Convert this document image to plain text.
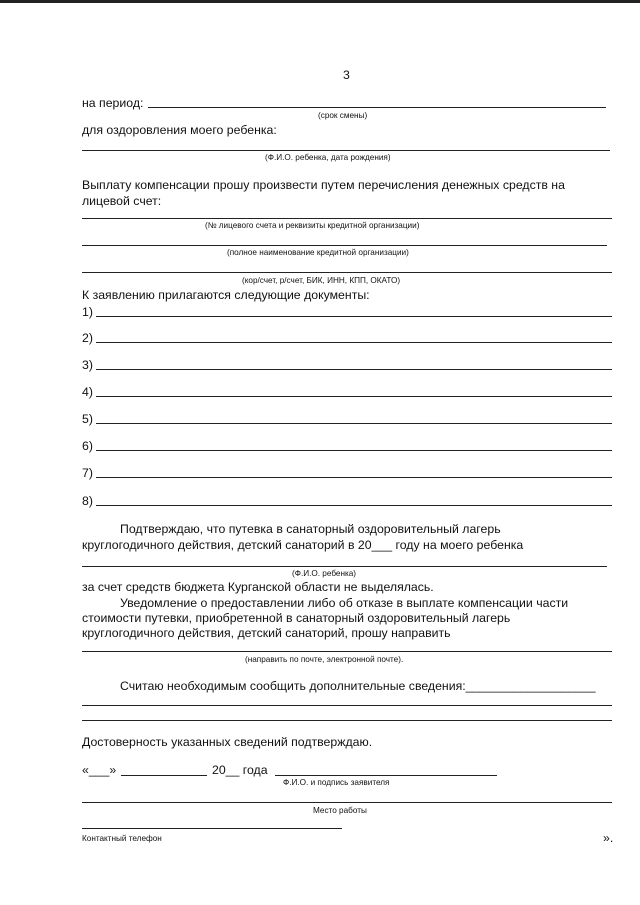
3
на период:
(срок смены)
для оздоровления моего ребенка:
(Ф.И.О. ребенка, дата рождения)
Выплату компенсации прошу произвести путем перечисления денежных средств на
лицевой счет:
(№ лицевого счета и реквизиты кредитной организации)
(полное наименование кредитной организации)
(кор/счет, р/счет, БИК, ИНН, КПП, ОКАТО)
К заявлению прилагаются следующие документы:
1)
2)
3)
4)
5)
6)
7)
8)
Подтверждаю, что путевка в санаторный оздоровительный лагерь
круглогодичного действия, детский санаторий в 20___ году на моего ребенка
(Ф.И.О. ребенка)
за счет средств бюджета Курганской области не выделялась.
Уведомление о предоставлении либо об отказе в выплате компенсации части
стоимости путевки, приобретенной в санаторный оздоровительный лагерь
круглогодичного действия, детский санаторий, прошу направить
(направить по почте, электронной почте).
Считаю необходимым сообщить дополнительные сведения:___________________
Достоверность указанных сведений подтверждаю.
«___»	20__ года
Ф.И.О. и подпись заявителя
Место работы
Контактный телефон	».
